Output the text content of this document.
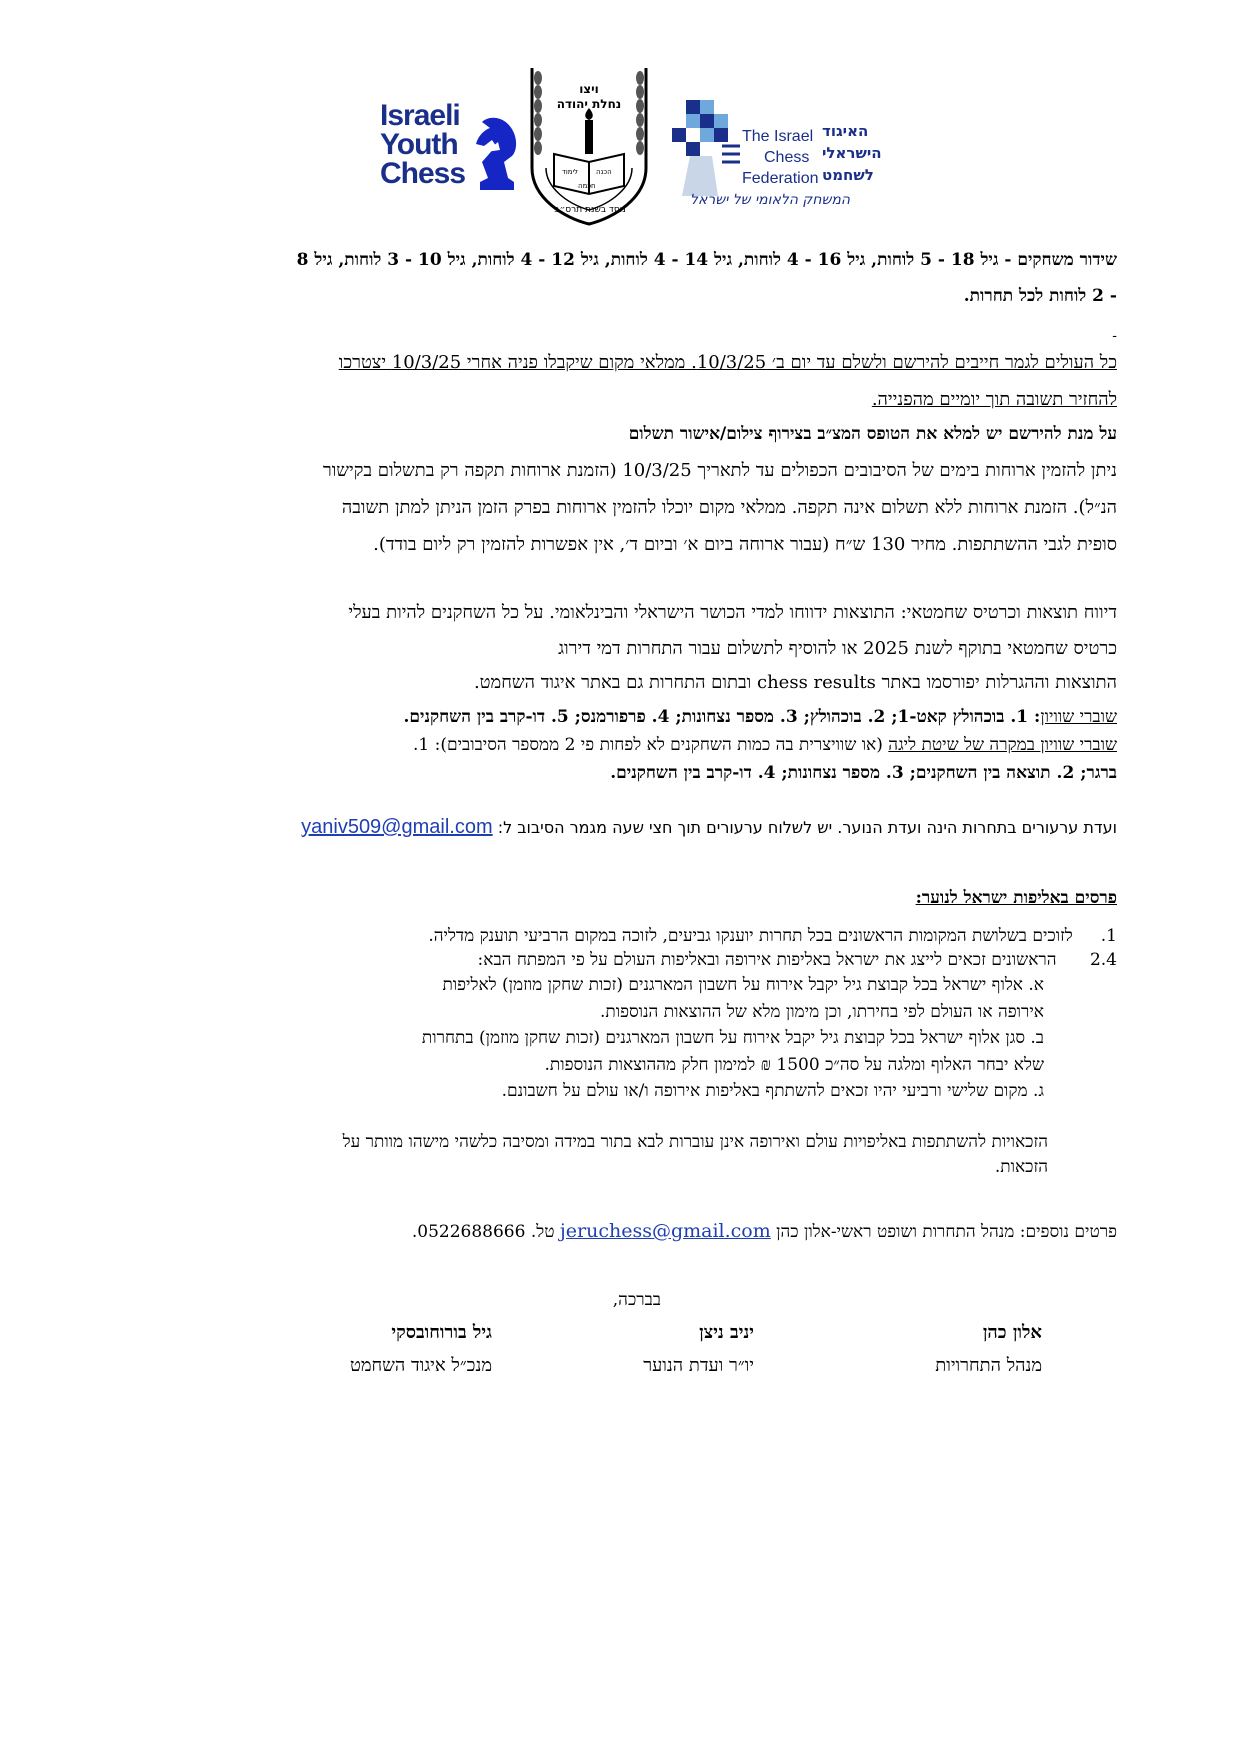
Israeli
Youth
Chess
ויצו
נחלת יהודה
לימוד	הכנה
חכמה
נוסד בשנת תרס״ב
The Israel
Chess
Federation
האיגוד
הישראלי
לשחמט
המשחק הלאומי של ישראל
שידור משחקים - גיל 18 - 5 לוחות, גיל 16 - 4 לוחות, גיל 14 - 4 לוחות, גיל 12 - 4 לוחות, גיל 10 - 3 לוחות, גיל 8
- 2 לוחות לכל תחרות.
-
כל העולים לגמר חייבים להירשם ולשלם עד יום ב׳ 10/3/25. ממלאי מקום שיקבלו פניה אחרי 10/3/25 יצטרכו
להחזיר תשובה תוך יומיים מהפנייה.
על מנת להירשם יש למלא את הטופס המצ״ב בצירוף צילום/אישור תשלום
ניתן להזמין ארוחות בימים של הסיבובים הכפולים עד לתאריך 10/3/25 (הזמנת ארוחות תקפה רק בתשלום בקישור
הנ״ל). הזמנת ארוחות ללא תשלום אינה תקפה. ממלאי מקום יוכלו להזמין ארוחות בפרק הזמן הניתן למתן תשובה
סופית לגבי ההשתתפות. מחיר 130 ש״ח (עבור ארוחה ביום א׳ וביום ד׳, אין אפשרות להזמין רק ליום בודד).
דיווח תוצאות וכרטיס שחמטאי: התוצאות ידווחו למדי הכושר הישראלי והבינלאומי. על כל השחקנים להיות בעלי
כרטיס שחמטאי בתוקף לשנת 2025 או להוסיף לתשלום עבור התחרות דמי דירוג
התוצאות וההגרלות יפורסמו באתר chess results ובתום התחרות גם באתר איגוד השחמט.
שוברי שוויון: 1. בוכהולץ קאט-1; 2. בוכהולץ; 3. מספר נצחונות; 4. פרפורמנס; 5. דו-קרב בין השחקנים.
שוברי שוויון במקרה של שיטת ליגה (או שוויצרית בה כמות השחקנים לא לפחות פי 2 ממספר הסיבובים): 1.
ברגר; 2. תוצאה בין השחקנים; 3. מספר נצחונות; 4. דו-קרב בין השחקנים.
ועדת ערעורים בתחרות הינה ועדת הנוער. יש לשלוח ערעורים תוך חצי שעה מגמר הסיבוב ל: yaniv509@gmail.com
פרסים באליפות ישראל לנוער:
1.לזוכים בשלושת המקומות הראשונים בכל תחרות יוענקו גביעים, לזוכה במקום הרביעי תוענק מדליה.
2.4 הראשונים זכאים לייצג את ישראל באליפות אירופה ובאליפות העולם על פי המפתח הבא:
א. אלוף ישראל בכל קבוצת גיל יקבל אירוח על חשבון המארגנים (זכות שחקן מוזמן) לאליפות
אירופה או העולם לפי בחירתו, וכן מימון מלא של ההוצאות הנוספות.
ב. סגן אלוף ישראל בכל קבוצת גיל יקבל אירוח על חשבון המארגנים (זכות שחקן מוזמן) בתחרות
שלא יבחר האלוף ומלגה על סה״כ 1500 ₪ למימון חלק מההוצאות הנוספות.
ג. מקום שלישי ורביעי יהיו זכאים להשתתף באליפות אירופה ו/או עולם על חשבונם.
הזכאויות להשתתפות באליפויות עולם ואירופה אינן עוברות לבא בתור במידה ומסיבה כלשהי מישהו מוותר על
הזכאות.
פרטים נוספים: מנהל התחרות ושופט ראשי-אלון כהן jeruchess@gmail.com טל. 0522688666.
בברכה,
אלון כהן
מנהל התחרויות
יניב ניצן
יו״ר ועדת הנוער
גיל בורוחובסקי
מנכ״ל איגוד השחמט
